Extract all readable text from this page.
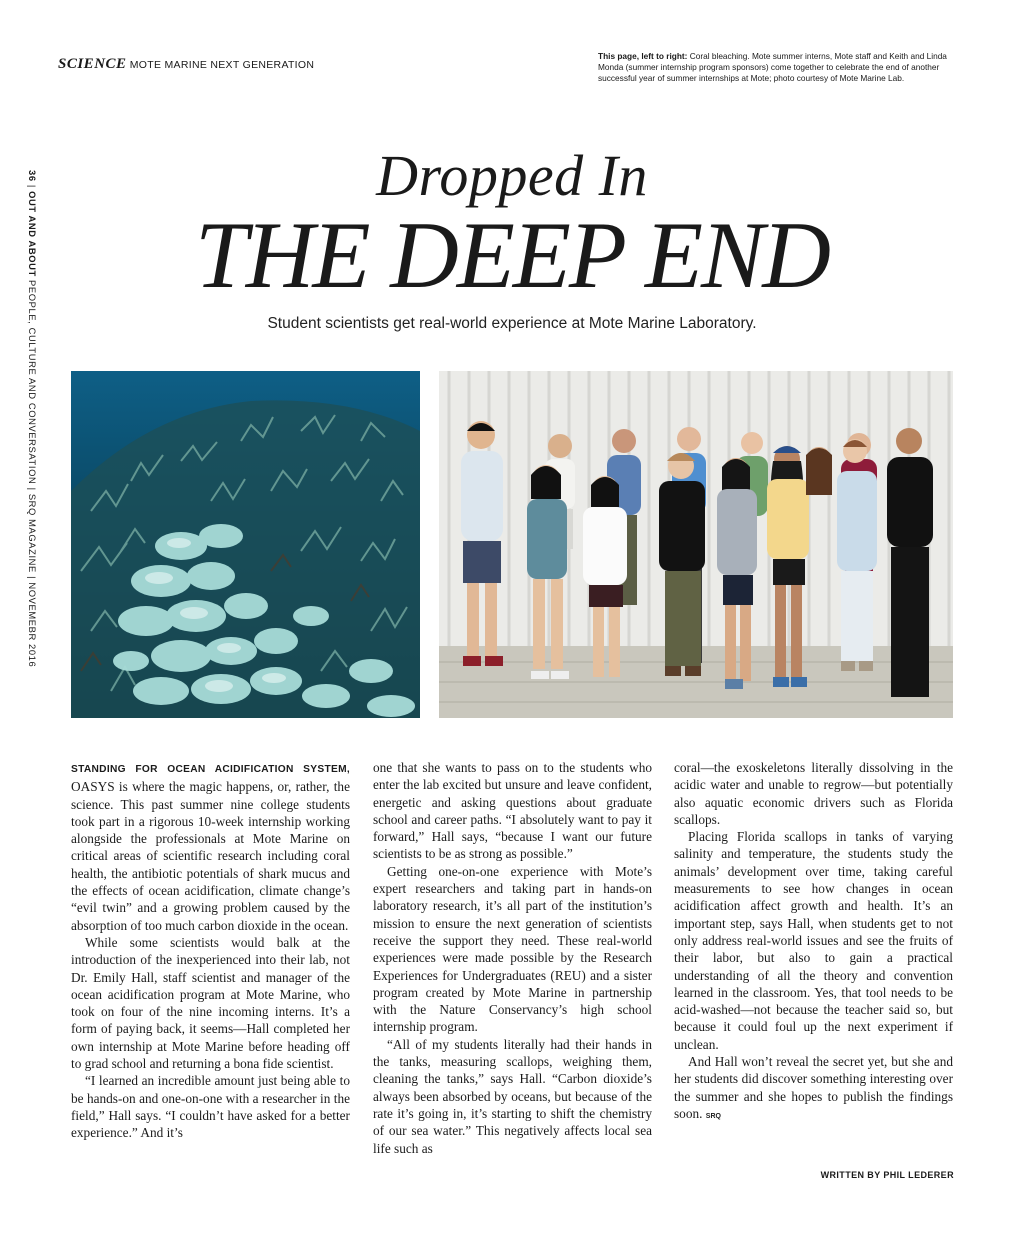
SCIENCE MOTE MARINE NEXT GENERATION
This page, left to right: Coral bleaching. Mote summer interns, Mote staff and Keith and Linda Monda (summer internship program sponsors) come together to celebrate the end of another successful year of summer internships at Mote; photo courtesy of Mote Marine Lab.
36 | OUT AND ABOUT PEOPLE, CULTURE AND CONVERSATION | SRQ MAGAZINE | NOVEMEBR 2016
Dropped In
THE DEEP END
Student scientists get real-world experience at Mote Marine Laboratory.

STANDING FOR OCEAN ACIDIFICATION SYSTEM, OASYS is where the magic happens, or, rather, the science. This past summer nine college students took part in a rigorous 10-week internship working alongside the professionals at Mote Marine on critical areas of scientific research including coral health, the antibiotic potentials of shark mucus and the effects of ocean acidification, climate change’s “evil twin” and a growing problem caused by the absorption of too much carbon dioxide in the ocean.

While some scientists would balk at the introduction of the inexperienced into their lab, not Dr. Emily Hall, staff scientist and manager of the ocean acidification program at Mote Marine, who took on four of the nine incoming interns. It’s a form of paying back, it seems—Hall completed her own internship at Mote Marine before heading off to grad school and returning a bona fide scientist.

“I learned an incredible amount just being able to be hands-on and one-on-one with a researcher in the field,” Hall says. “I couldn’t have asked for a better experience.” And it’s

one that she wants to pass on to the students who enter the lab excited but unsure and leave confident, energetic and asking questions about graduate school and career paths. “I absolutely want to pay it forward,” Hall says, “because I want our future scientists to be as strong as possible.”

Getting one-on-one experience with Mote’s expert researchers and taking part in hands-on laboratory research, it’s all part of the institution’s mission to ensure the next generation of scientists receive the support they need. These real-world experiences were made possible by the Research Experiences for Undergraduates (REU) and a sister program created by Mote Marine in partnership with the Nature Conservancy’s high school internship program.

“All of my students literally had their hands in the tanks, measuring scallops, weighing them, cleaning the tanks,” says Hall. “Carbon dioxide’s always been absorbed by oceans, but because of the rate it’s going in, it’s starting to shift the chemistry of our sea water.” This negatively affects local sea life such as

coral—the exoskeletons literally dissolving in the acidic water and unable to regrow—but potentially also aquatic economic drivers such as Florida scallops.

Placing Florida scallops in tanks of varying salinity and temperature, the students study the animals’ development over time, taking careful measurements to see how changes in ocean acidification affect growth and health. It’s an important step, says Hall, when students get to not only address real-world issues and see the fruits of their labor, but also to gain a practical understanding of all the theory and convention learned in the classroom. Yes, that tool needs to be acid-washed—not because the teacher said so, but because it could foul up the next experiment if unclean.

And Hall won’t reveal the secret yet, but she and her students did discover something interesting over the summer and she hopes to publish the findings soon. SRQ

WRITTEN BY PHIL LEDERER
